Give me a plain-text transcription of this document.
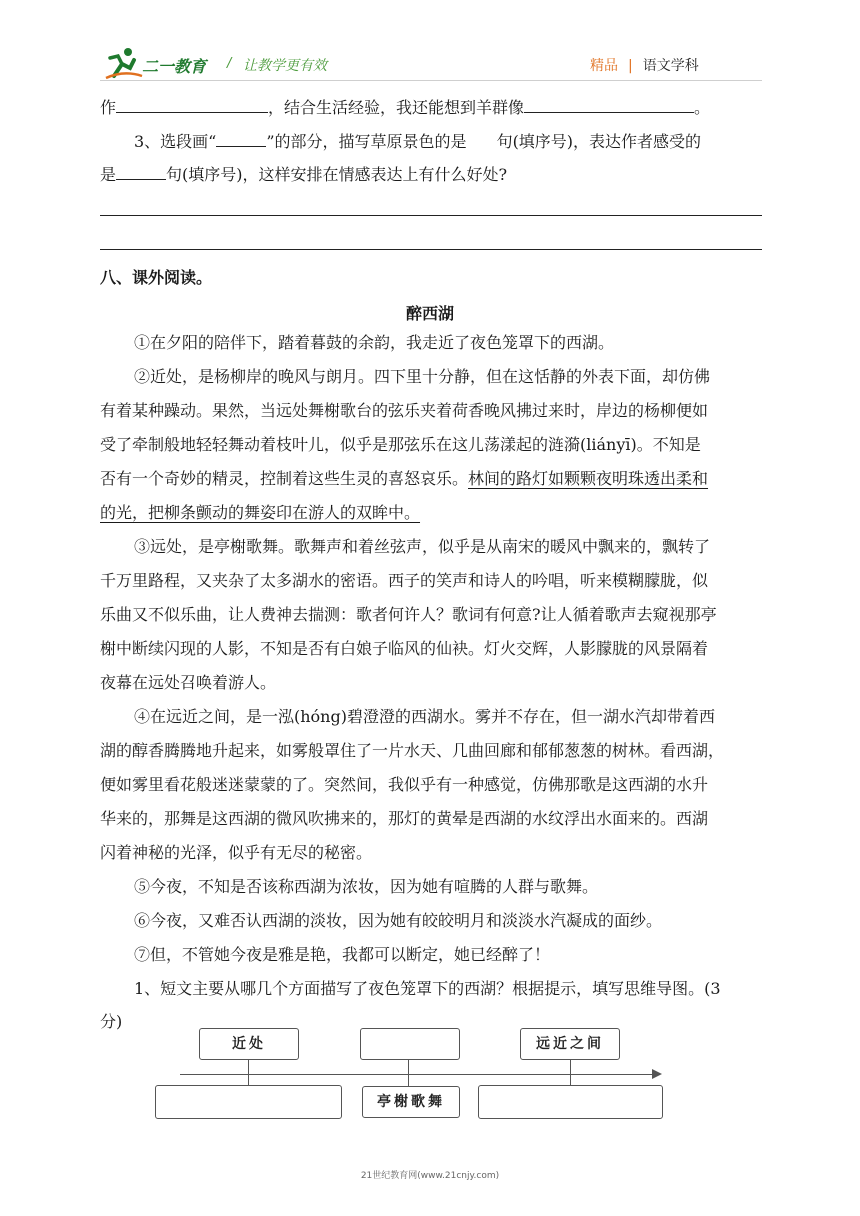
二一教育 / 让教学更有效	精品 | 语文学科
作	，结合生活经验，我还能想到羊群像	。
3、选段画“	”的部分，描写草原景色的是 句(填序号)，表达作者感受的
是	句(填序号)，这样安排在情感表达上有什么好处?
八、课外阅读。
醉西湖
①在夕阳的陪伴下，踏着暮鼓的余韵，我走近了夜色笼罩下的西湖。
②近处，是杨柳岸的晚风与朗月。四下里十分静，但在这恬静的外表下面，却仿佛
有着某种躁动。果然，当远处舞榭歌台的弦乐夹着荷香晚风拂过来时，岸边的杨柳便如
受了牵制般地轻轻舞动着枝叶儿，似乎是那弦乐在这儿荡漾起的涟漪(liányī)。不知是
否有一个奇妙的精灵，控制着这些生灵的喜怒哀乐。林间的路灯如颗颗夜明珠透出柔和
的光，把柳条颤动的舞姿印在游人的双眸中。
③远处，是亭榭歌舞。歌舞声和着丝弦声，似乎是从南宋的暖风中飘来的，飘转了
千万里路程，又夹杂了太多湖水的密语。西子的笑声和诗人的吟唱，听来模糊朦胧，似
乐曲又不似乐曲，让人费神去揣测：歌者何许人？歌词有何意?让人循着歌声去窥视那亭
榭中断续闪现的人影，不知是否有白娘子临风的仙袂。灯火交辉，人影朦胧的风景隔着
夜幕在远处召唤着游人。
④在远近之间，是一泓(hóng)碧澄澄的西湖水。雾并不存在，但一湖水汽却带着西
湖的醇香腾腾地升起来，如雾般罩住了一片水天、几曲回廊和郁郁葱葱的树林。看西湖，
便如雾里看花般迷迷蒙蒙的了。突然间，我似乎有一种感觉，仿佛那歌是这西湖的水升
华来的，那舞是这西湖的微风吹拂来的，那灯的黄晕是西湖的水纹浮出水面来的。西湖
闪着神秘的光泽，似乎有无尽的秘密。
⑤今夜，不知是否该称西湖为浓妆，因为她有喧腾的人群与歌舞。
⑥今夜，又难否认西湖的淡妆，因为她有皎皎明月和淡淡水汽凝成的面纱。
⑦但，不管她今夜是雅是艳，我都可以断定，她已经醉了！
1、短文主要从哪几个方面描写了夜色笼罩下的西湖？根据提示，填写思维导图。(3
分)
近处	远近之间
亭榭歌舞
21世纪教育网(www.21cnjy.com)
